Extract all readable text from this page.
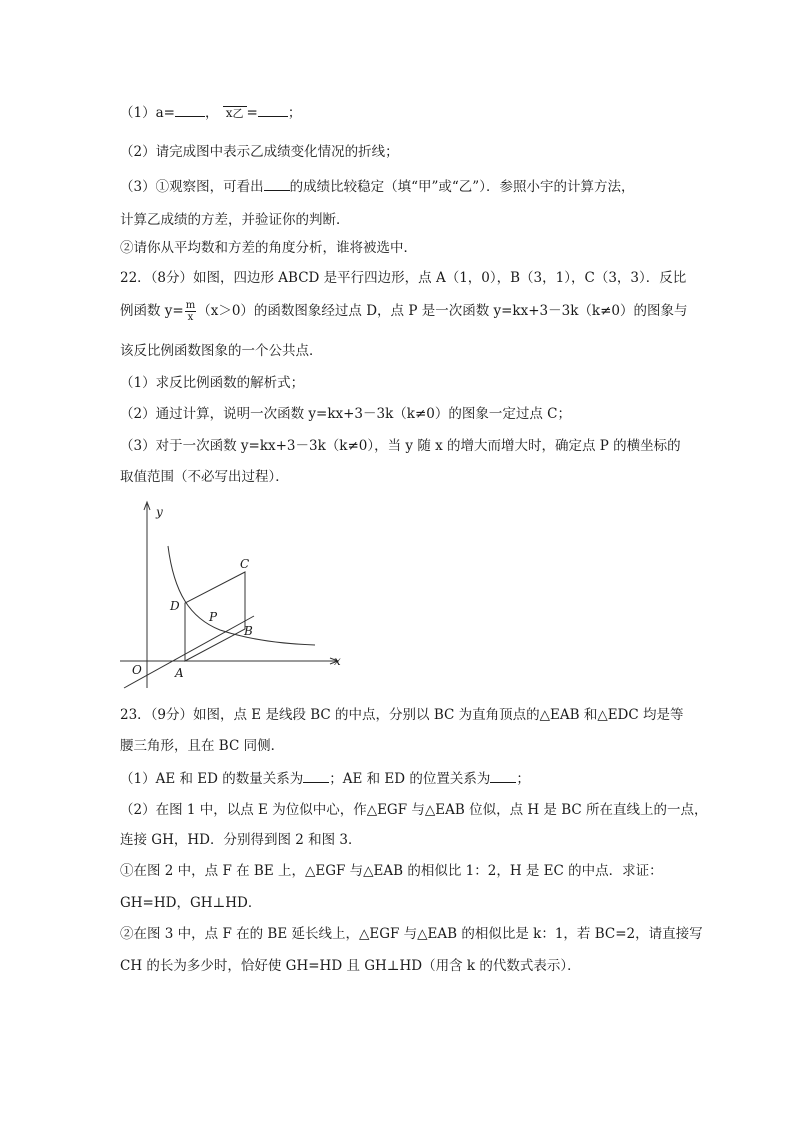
（1）a= ， x乙 = ；
（2）请完成图中表示乙成绩变化情况的折线；
（3）①观察图，可看出 的成绩比较稳定（填“甲”或“乙”）．参照小宇的计算方法，
计算乙成绩的方差，并验证你的判断．
②请你从平均数和方差的角度分析，谁将被选中．
22．（8分）如图，四边形 ABCD 是平行四边形，点 A（1，0），B（3，1），C（3，3）．反比
例函数 $y= \frac{m}{x} (x>0)$的函数图象经过点 D，点 P 是一次函数 y=kx+3－3k（k≠0）的图象与
该反比例函数图象的一个公共点．
（1）求反比例函数的解析式；
（2）通过计算，说明一次函数 y=kx+3－3k（k≠0）的图象一定过点 C；
（3）对于一次函数 y=kx+3－3k（k≠0），当 y 随 x 的增大而增大时，确定点 P 的横坐标的
取值范围（不必写出过程）．
y
x
O	A
B
C
D
P
23．（9分）如图，点 E 是线段 BC 的中点，分别以 BC 为直角顶点的△EAB 和△EDC 均是等
腰三角形，且在 BC 同侧．
（1）AE 和 ED 的数量关系为 ；AE 和 ED 的位置关系为 ；
（2）在图 1 中，以点 E 为位似中心，作△EGF 与△EAB 位似，点 H 是 BC 所在直线上的一点，
连接 GH，HD．分别得到图 2 和图 3．
①在图 2 中，点 F 在 BE 上，△EGF 与△EAB 的相似比 1：2，H 是 EC 的中点．求证：
GH=HD，GH⊥HD．
②在图 3 中，点 F 在的 BE 延长线上，△EGF 与△EAB 的相似比是 k：1，若 BC=2，请直接写
CH 的长为多少时，恰好使 GH=HD 且 GH⊥HD（用含 k 的代数式表示）．
